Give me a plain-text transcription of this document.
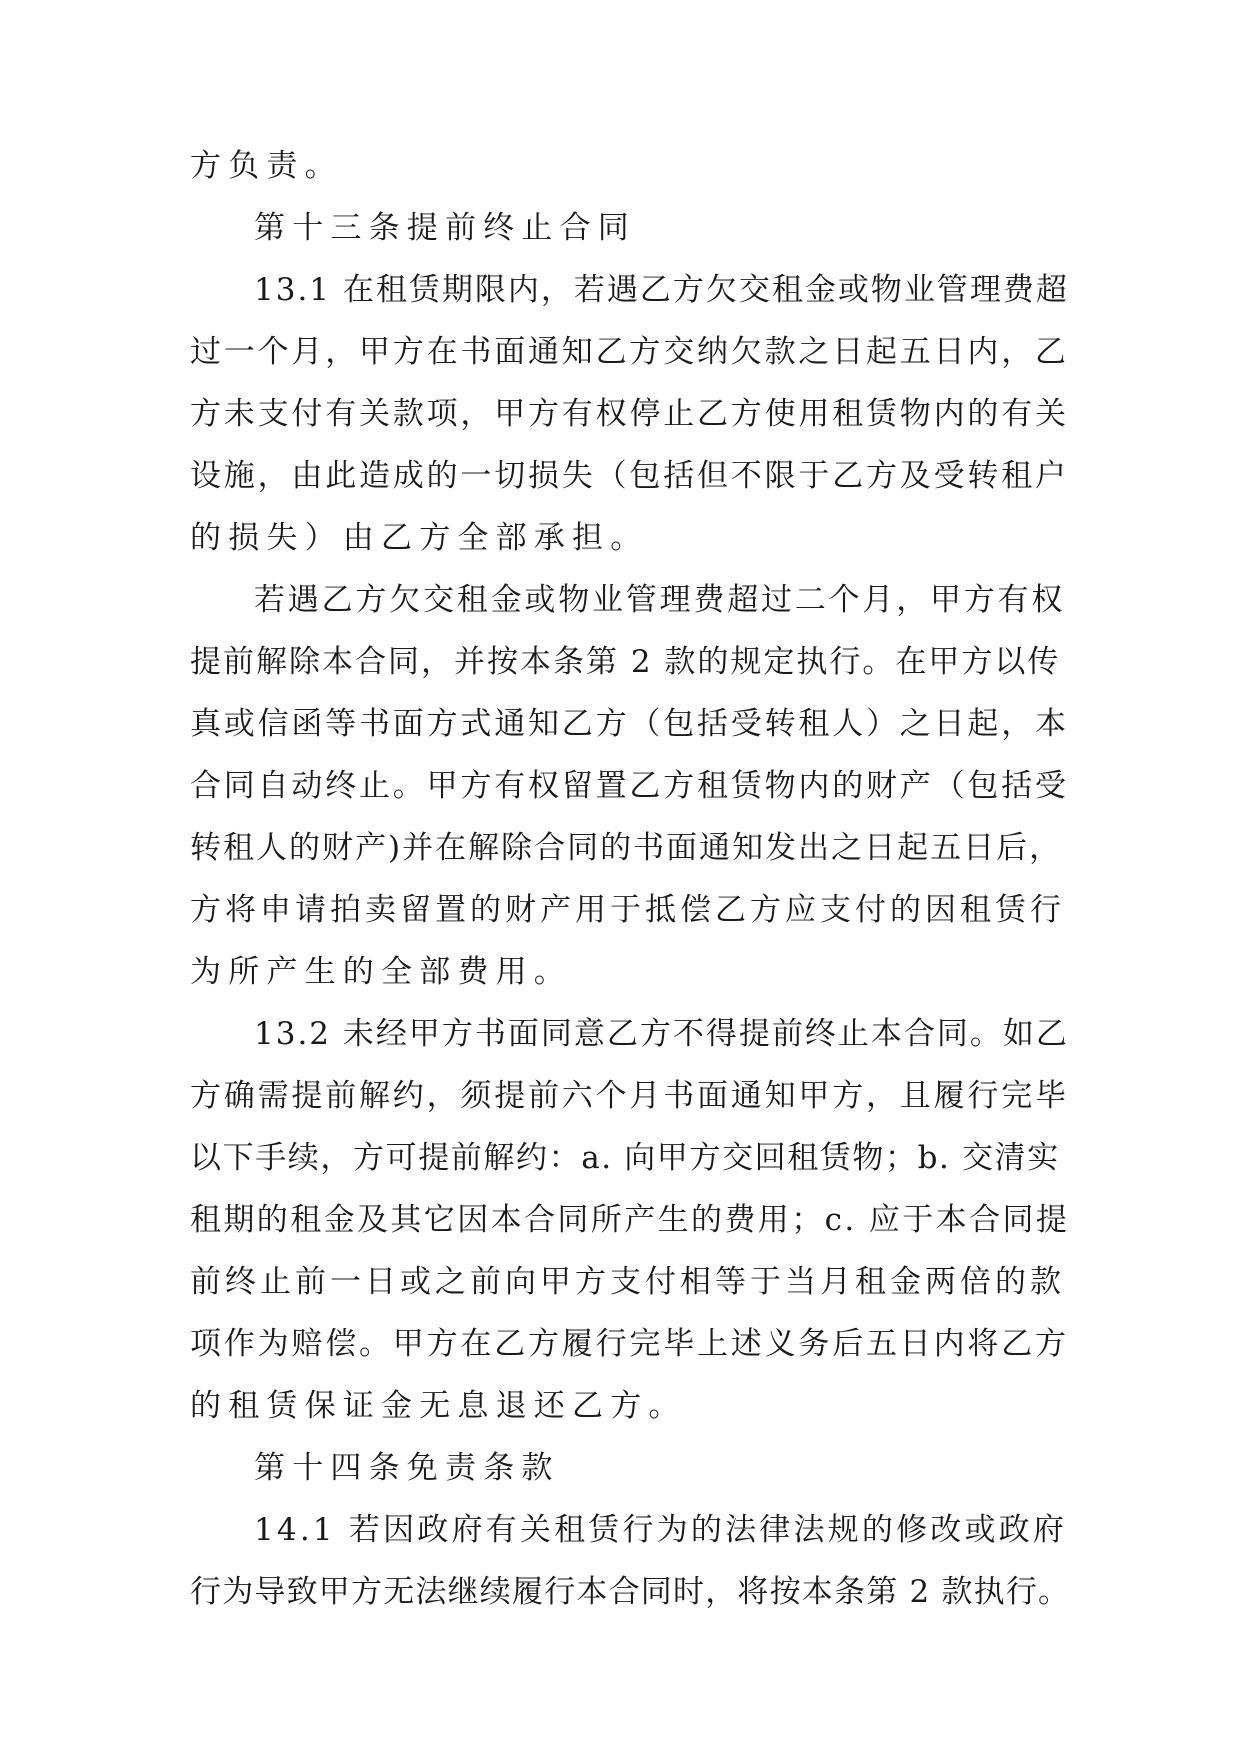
方负责。
第十三条提前终止合同
13.1 在租赁期限内，若遇乙方欠交租金或物业管理费超
过一个月，甲方在书面通知乙方交纳欠款之日起五日内，乙
方未支付有关款项，甲方有权停止乙方使用租赁物内的有关
设施，由此造成的一切损失（包括但不限于乙方及受转租户
的损失）由乙方全部承担。
若遇乙方欠交租金或物业管理费超过二个月，甲方有权
提前解除本合同，并按本条第 2 款的规定执行。在甲方以传
真或信函等书面方式通知乙方（包括受转租人）之日起，本
合同自动终止。甲方有权留置乙方租赁物内的财产（包括受
转租人的财产)并在解除合同的书面通知发出之日起五日后，
方将申请拍卖留置的财产用于抵偿乙方应支付的因租赁行
为所产生的全部费用。
13.2 未经甲方书面同意乙方不得提前终止本合同。如乙
方确需提前解约，须提前六个月书面通知甲方，且履行完毕
以下手续，方可提前解约：a. 向甲方交回租赁物；b. 交清实
租期的租金及其它因本合同所产生的费用；c. 应于本合同提
前终止前一日或之前向甲方支付相等于当月租金两倍的款
项作为赔偿。甲方在乙方履行完毕上述义务后五日内将乙方
的租赁保证金无息退还乙方。
第十四条免责条款
14.1 若因政府有关租赁行为的法律法规的修改或政府
行为导致甲方无法继续履行本合同时，将按本条第 2 款执行。
